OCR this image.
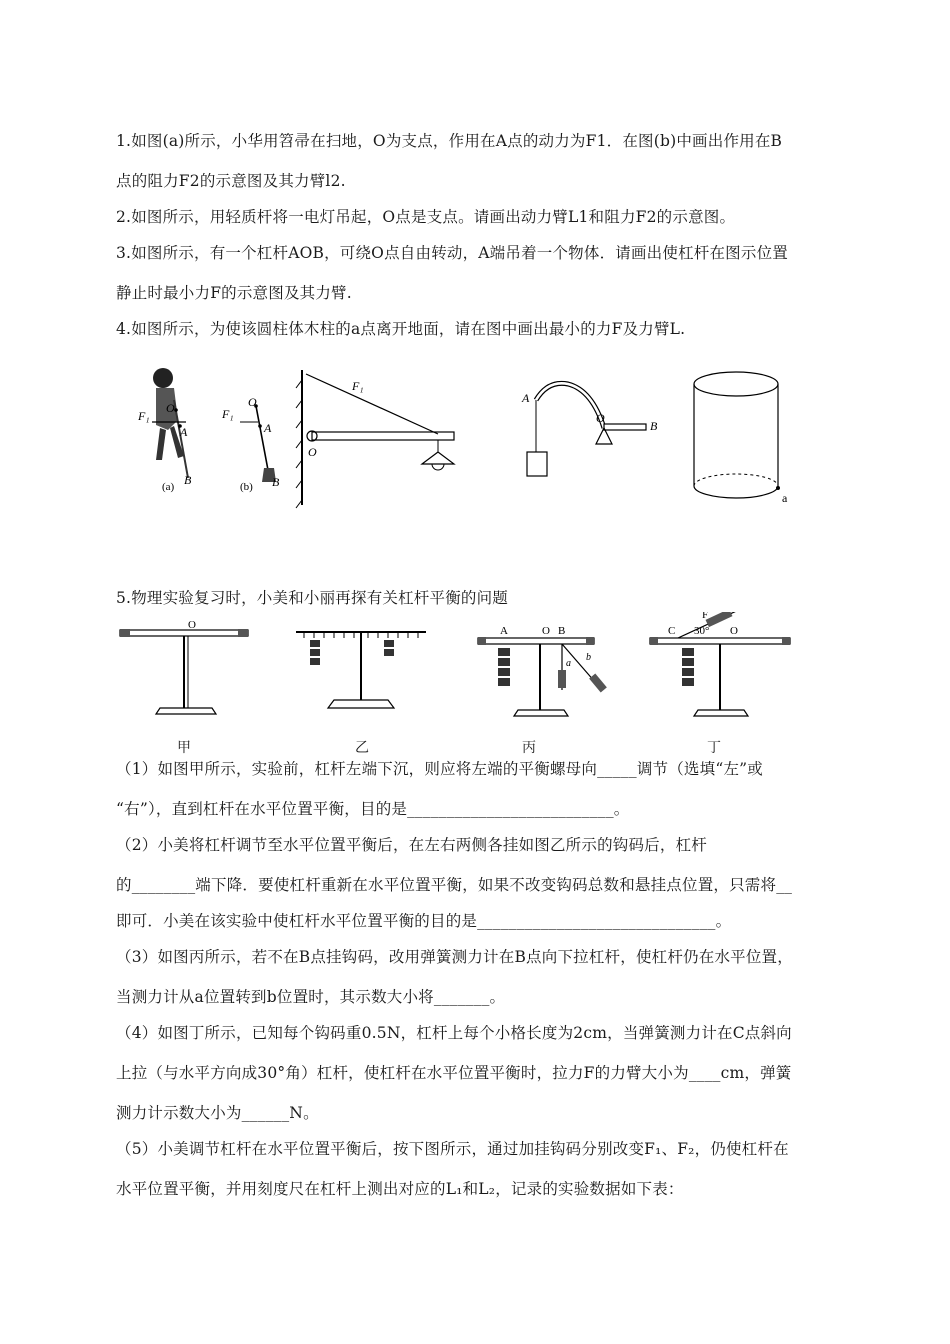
1.如图(a)所示，小华用笤帚在扫地，O为支点，作用在A点的动力为F1．在图(b)中画出作用在B
点的阻力F2的示意图及其力臂l2.
2.如图所示，用轻质杆将一电灯吊起，O点是支点。请画出动力臂L1和阻力F2的示意图。
3.如图所示，有一个杠杆AOB，可绕O点自由转动，A端吊着一个物体．请画出使杠杆在图示位置
静止时最小力F的示意图及其力臂.
4.如图所示，为使该圆柱体木柱的a点离开地面，请在图中画出最小的力F及力臂L.
F₁
O
A
B
(a)
F₁
O
A
B
(b)
F₁
O
A
O
B
a
5.物理实验复习时，小美和小丽再探有关杠杆平衡的问题
O	A	O B
a
b
C
F
30° O
甲	乙	丙	丁
（1）如图甲所示，实验前，杠杆左端下沉，则应将左端的平衡螺母向_____调节（选填“左”或
“右”），直到杠杆在水平位置平衡，目的是__________________________。
（2）小美将杠杆调节至水平位置平衡后，在左右两侧各挂如图乙所示的钩码后，杠杆
的________端下降．要使杠杆重新在水平位置平衡，如果不改变钩码总数和悬挂点位置，只需将__
即可．小美在该实验中使杠杆水平位置平衡的目的是______________________________。
（3）如图丙所示，若不在B点挂钩码，改用弹簧测力计在B点向下拉杠杆，使杠杆仍在水平位置，
当测力计从a位置转到b位置时，其示数大小将_______。
（4）如图丁所示，已知每个钩码重0.5N，杠杆上每个小格长度为2cm，当弹簧测力计在C点斜向
上拉（与水平方向成30°角）杠杆，使杠杆在水平位置平衡时，拉力F的力臂大小为____cm，弹簧
测力计示数大小为______N。
（5）小美调节杠杆在水平位置平衡后，按下图所示，通过加挂钩码分别改变F₁、F₂，仍使杠杆在
水平位置平衡，并用刻度尺在杠杆上测出对应的L₁和L₂，记录的实验数据如下表：
